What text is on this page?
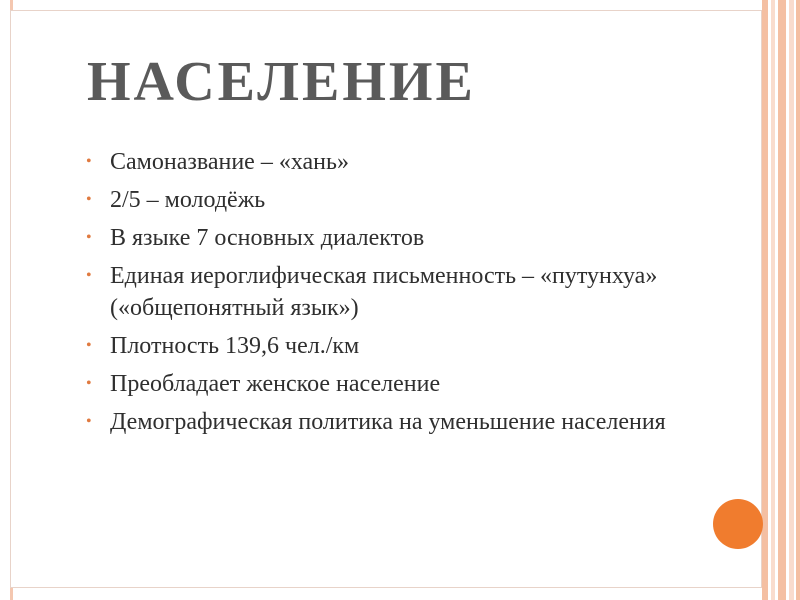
НАСЕЛЕНИЕ
• Самоназвание – «хань»
• 2/5 – молодёжь
• В языке 7 основных диалектов
• Единая иероглифическая письменность – «путунхуа» («общепонятный язык»)
• Плотность 139,6 чел./км
• Преобладает женское население
• Демографическая политика на уменьшение населения
